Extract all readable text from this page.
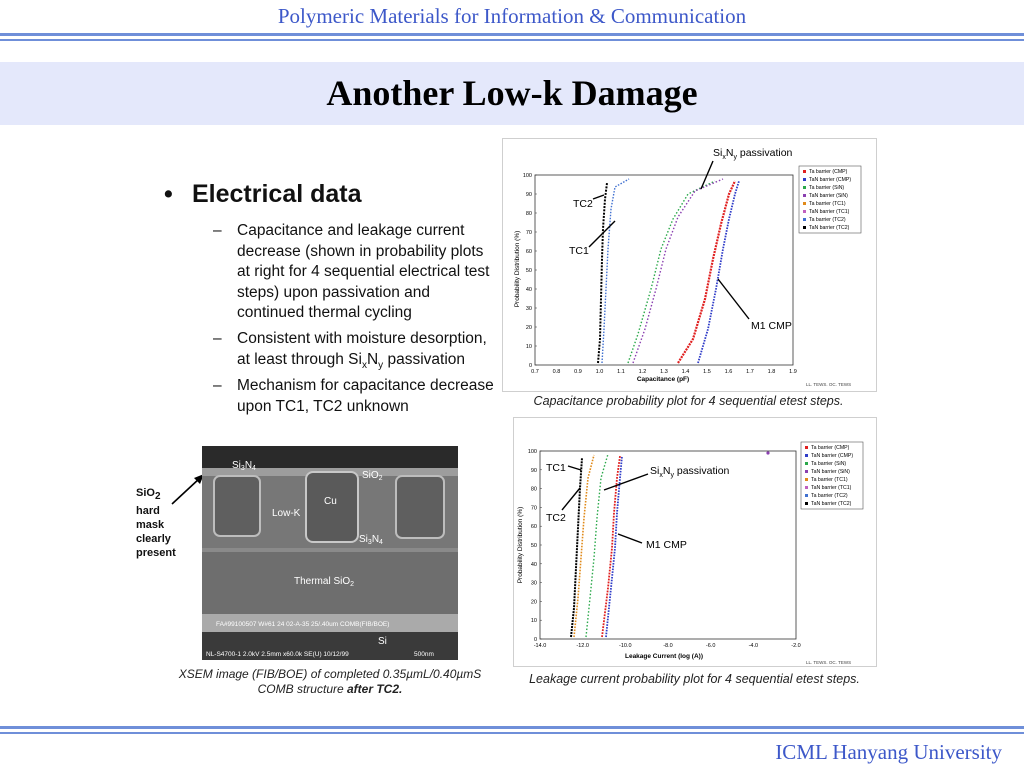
Polymeric Materials for Information & Communication
Another Low-k Damage
• Electrical data
– Capacitance and leakage current decrease (shown in probability plots at right for 4 sequential electrical test steps) upon passivation and continued thermal cycling
– Consistent with moisture desorption, at least through $Si_xN_y$ passivation
– Mechanism for capacitance decrease upon TC1, TC2 unknown
0
10
20
30
40
50
60
70
80
90
100
0.7	0.8	0.9	1.0	1.1	1.2	1.3	1.4	1.5	1.6	1.7	1.8	1.9
Probability Distribution (%)
Capacitance (pF)
Ta barrier (CMP)
TaN barrier (CMP)
Ta barrier (SiN)
TaN barrier (SiN)
Ta barrier (TC1)
TaN barrier (TC1)
Ta barrier (TC2)
TaN barrier (TC2)
$Si_xN_y$ passivation
TC2
TC1
M1 CMP
LL. TEWS. OC. TEWS
Capacitance probability plot for 4 sequential etest steps.
SiO$_2$
hard
mask
clearly
present
$Si_3N_4$
SiO$_2$
Cu
Low-K
$Si_3N_4$
Thermal SiO$_2$
Si
FA#99100507 W#61 24 02-A-35 25/.40um COMB(FIB/BOE)
NL-S4700-1 2.0kV 2.5mm x60.0k SE(U) 10/12/99	500nm
XSEM image (FIB/BOE) of completed 0.35µmL/0.40µmS
COMB structure after TC2.
0
10
20
30
40
50
60
70
80
90
100
-14.0	-12.0	-10.0	-8.0	-6.0	-4.0	-2.0
Probability Distribution (%)
Leakage Current (log (A))
Ta barrier (CMP)
TaN barrier (CMP)
Ta barrier (SiN)
TaN barrier (SiN)
Ta barrier (TC1)
TaN barrier (TC1)
Ta barrier (TC2)
TaN barrier (TC2)
TC1
TC2
$Si_xN_y$ passivation
M1 CMP
LL. TEWS. OC. TEWS
Leakage current probability plot for 4 sequential etest steps.
ICML Hanyang University
